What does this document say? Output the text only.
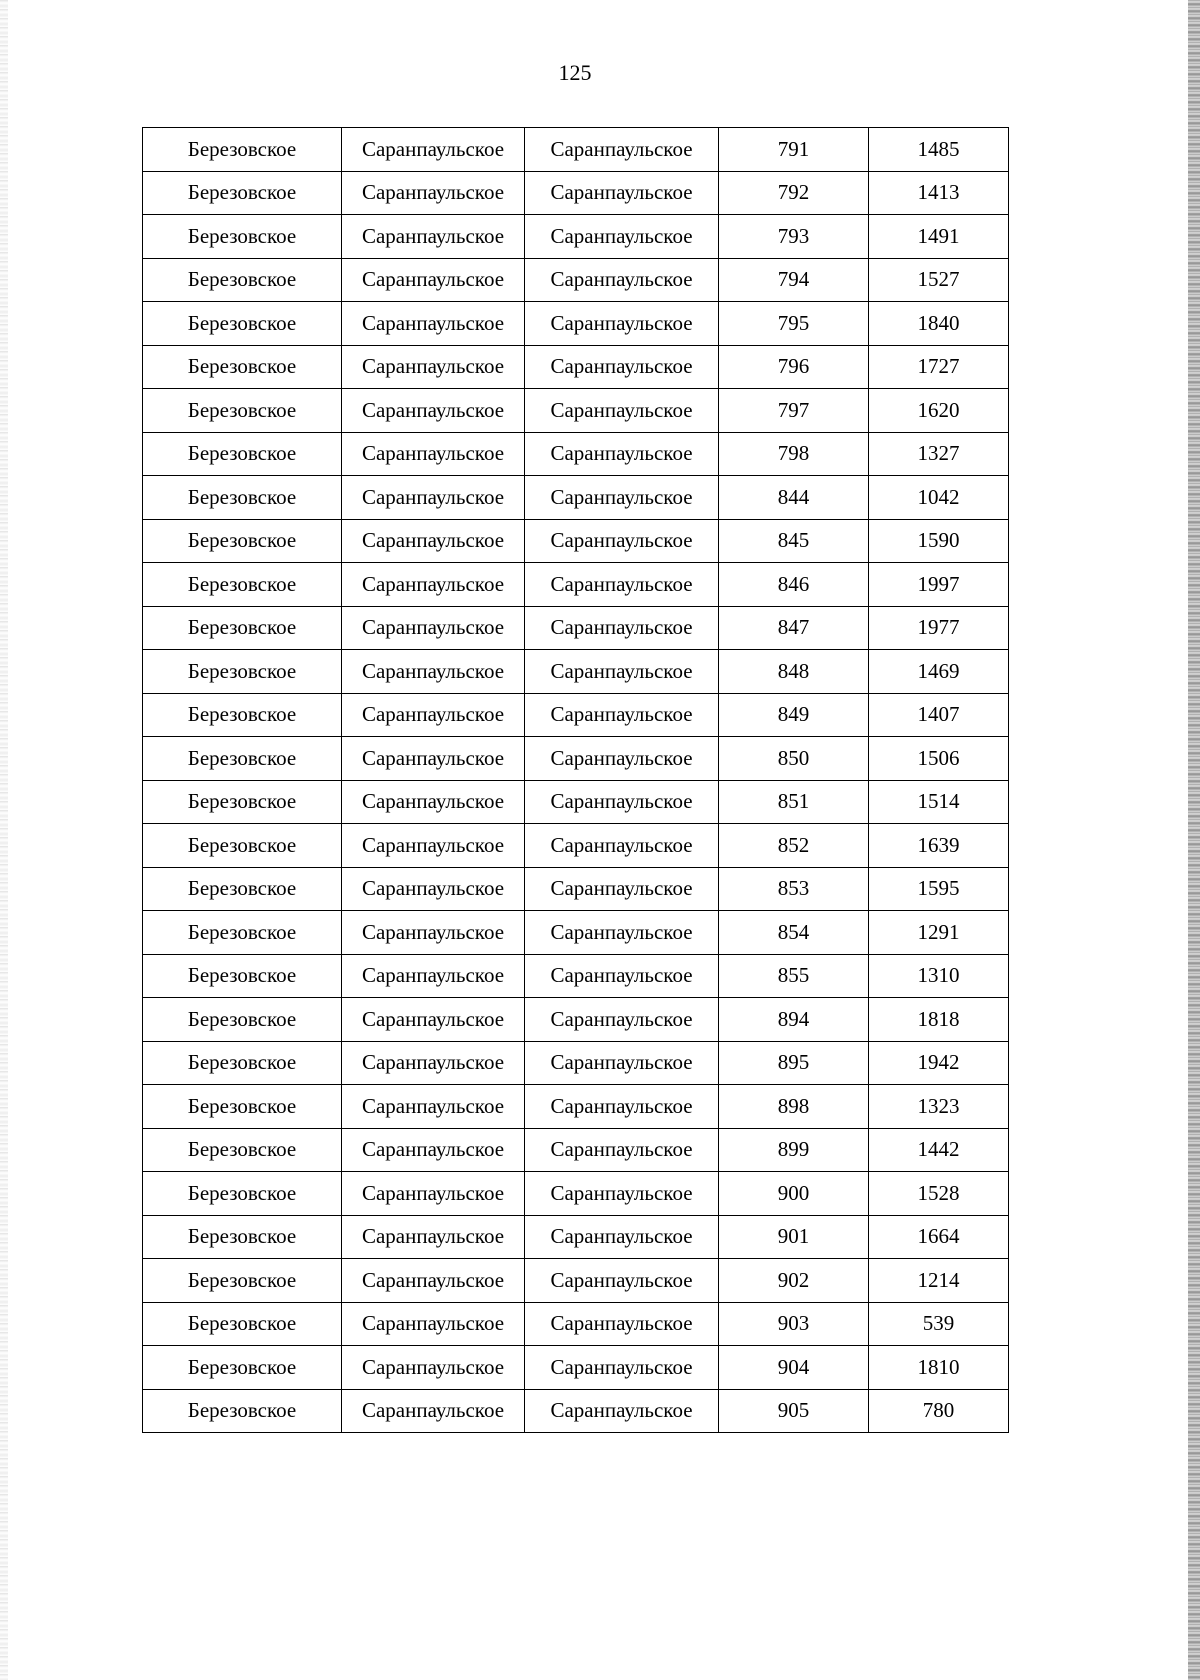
125
Березовское	Саранпаульское	Саранпаульское	791	1485
Березовское	Саранпаульское	Саранпаульское	792	1413
Березовское	Саранпаульское	Саранпаульское	793	1491
Березовское	Саранпаульское	Саранпаульское	794	1527
Березовское	Саранпаульское	Саранпаульское	795	1840
Березовское	Саранпаульское	Саранпаульское	796	1727
Березовское	Саранпаульское	Саранпаульское	797	1620
Березовское	Саранпаульское	Саранпаульское	798	1327
Березовское	Саранпаульское	Саранпаульское	844	1042
Березовское	Саранпаульское	Саранпаульское	845	1590
Березовское	Саранпаульское	Саранпаульское	846	1997
Березовское	Саранпаульское	Саранпаульское	847	1977
Березовское	Саранпаульское	Саранпаульское	848	1469
Березовское	Саранпаульское	Саранпаульское	849	1407
Березовское	Саранпаульское	Саранпаульское	850	1506
Березовское	Саранпаульское	Саранпаульское	851	1514
Березовское	Саранпаульское	Саранпаульское	852	1639
Березовское	Саранпаульское	Саранпаульское	853	1595
Березовское	Саранпаульское	Саранпаульское	854	1291
Березовское	Саранпаульское	Саранпаульское	855	1310
Березовское	Саранпаульское	Саранпаульское	894	1818
Березовское	Саранпаульское	Саранпаульское	895	1942
Березовское	Саранпаульское	Саранпаульское	898	1323
Березовское	Саранпаульское	Саранпаульское	899	1442
Березовское	Саранпаульское	Саранпаульское	900	1528
Березовское	Саранпаульское	Саранпаульское	901	1664
Березовское	Саранпаульское	Саранпаульское	902	1214
Березовское	Саранпаульское	Саранпаульское	903	539
Березовское	Саранпаульское	Саранпаульское	904	1810
Березовское	Саранпаульское	Саранпаульское	905	780
